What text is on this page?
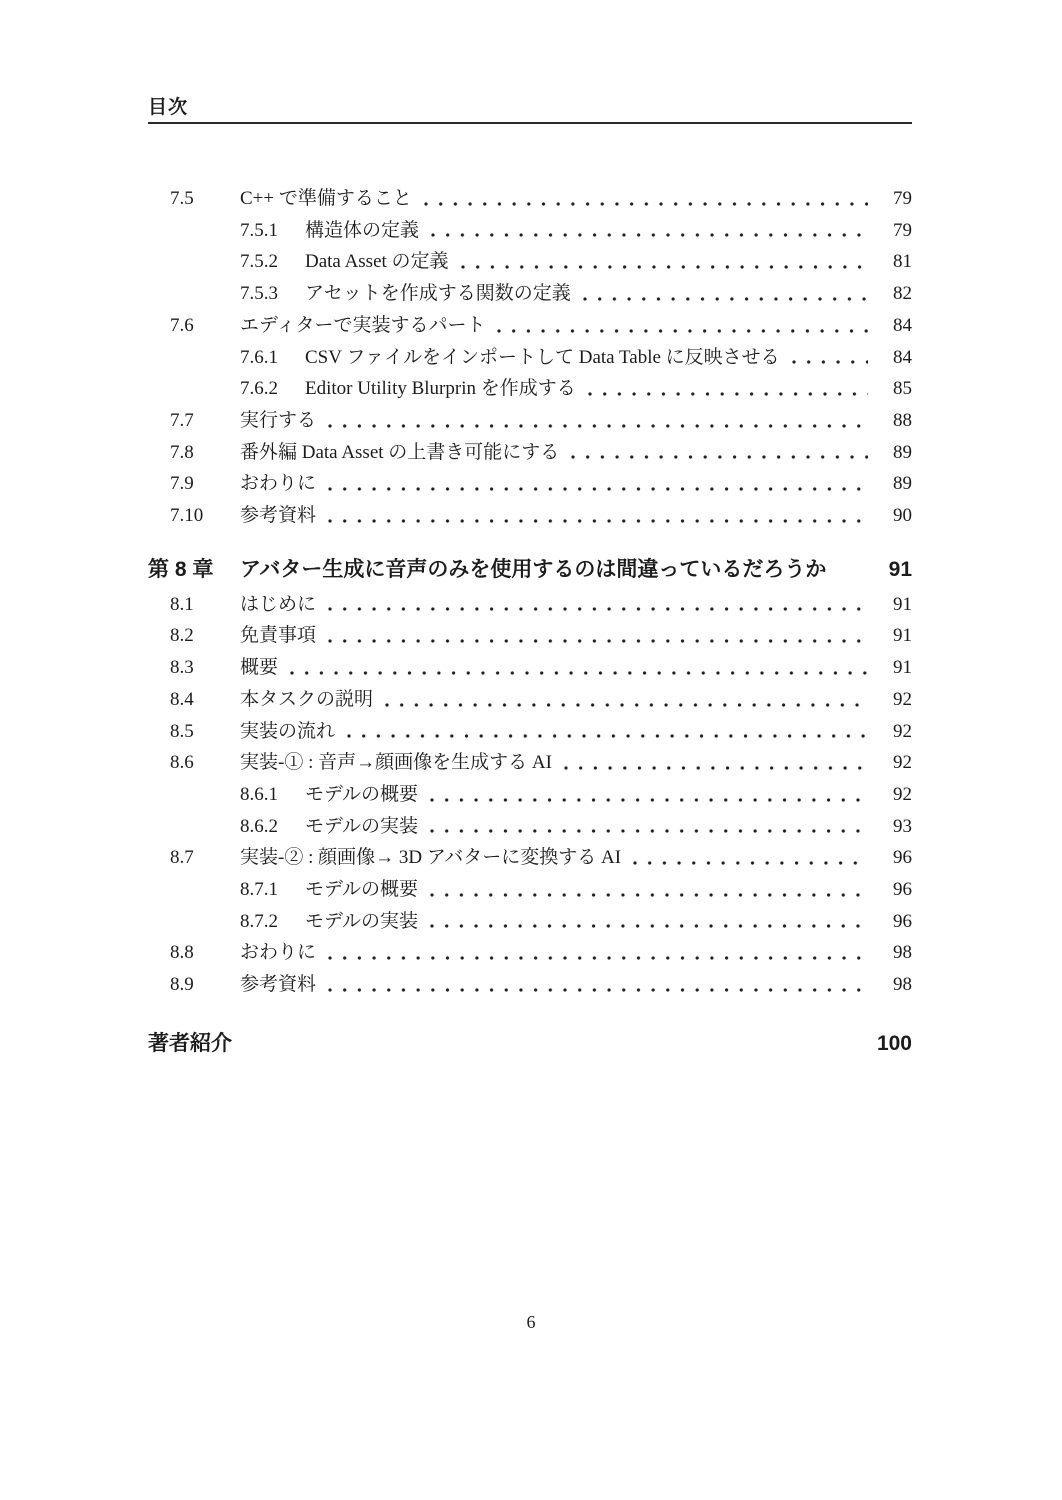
目次
7.5	C++ で準備すること	79
7.5.1	構造体の定義	79
7.5.2	Data Asset の定義	81
7.5.3	アセットを作成する関数の定義	82
7.6	エディターで実装するパート	84
7.6.1	CSV ファイルをインポートして Data Table に反映させる	84
7.6.2	Editor Utility Blurprin を作成する	85
7.7	実行する	88
7.8	番外編 Data Asset の上書き可能にする	89
7.9	おわりに	89
7.10	参考資料	90
第 8 章	アバター生成に音声のみを使用するのは間違っているだろうか	91
8.1	はじめに	91
8.2	免責事項	91
8.3	概要	91
8.4	本タスクの説明	92
8.5	実装の流れ	92
8.6	実装-① : 音声→顔画像を生成する AI	92
8.6.1	モデルの概要	92
8.6.2	モデルの実装	93
8.7	実装-② : 顔画像→ 3D アバターに変換する AI	96
8.7.1	モデルの概要	96
8.7.2	モデルの実装	96
8.8	おわりに	98
8.9	参考資料	98
著者紹介	100
6
